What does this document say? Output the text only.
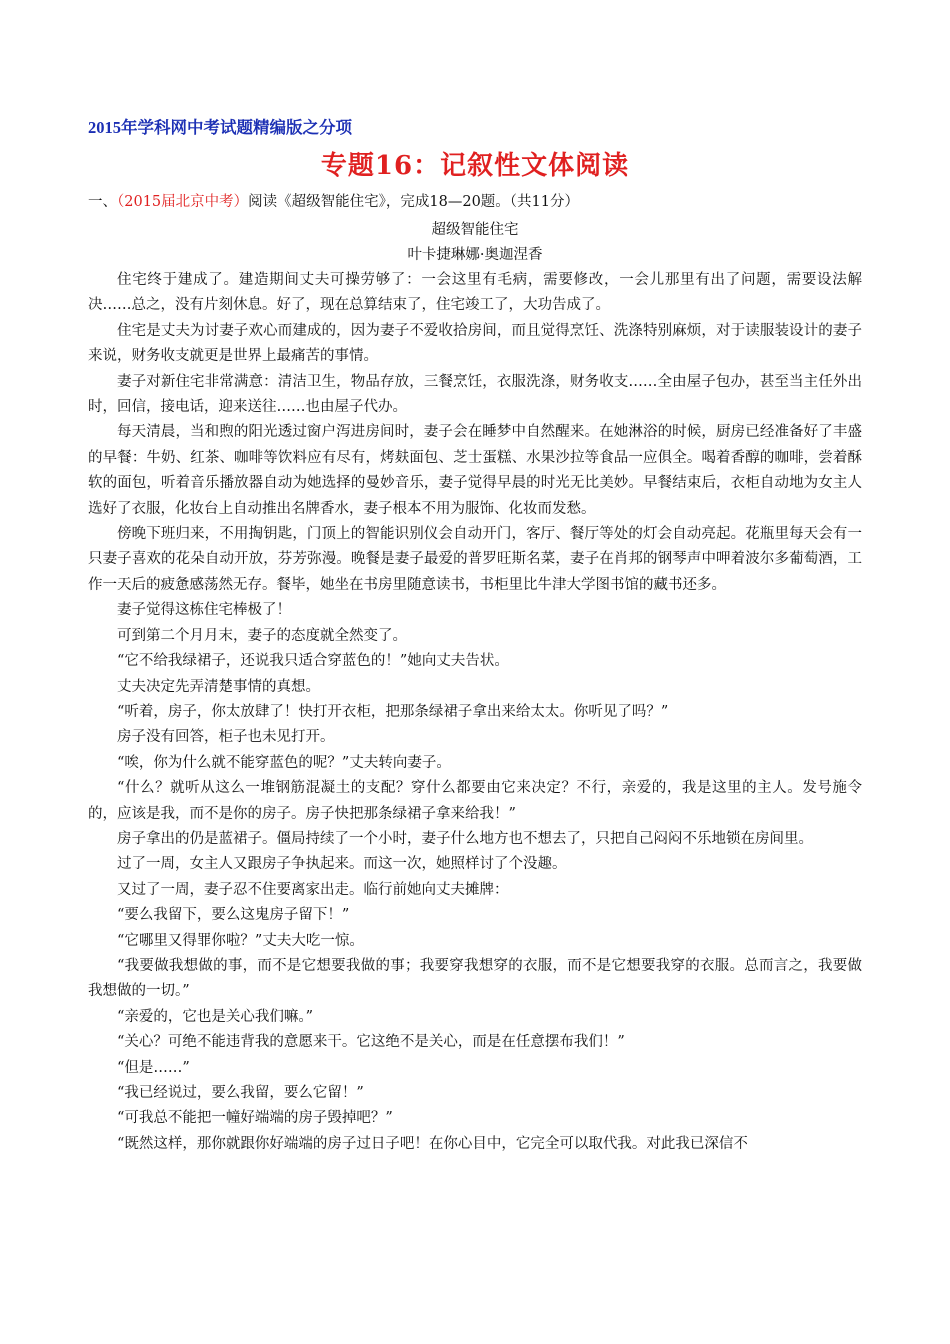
2015年学科网中考试题精编版之分项
专题16：记叙性文体阅读
一、（2015届北京中考）阅读《超级智能住宅》，完成18—20题。（共11分）
超级智能住宅
叶卡捷琳娜·奥迦涅香

住宅终于建成了。建造期间丈夫可操劳够了：一会这里有毛病，需要修改，一会儿那里有出了问题，需要设法解决……总之，没有片刻休息。好了，现在总算结束了，住宅竣工了，大功告成了。

住宅是丈夫为讨妻子欢心而建成的，因为妻子不爱收拾房间，而且觉得烹饪、洗涤特别麻烦，对于读服装设计的妻子来说，财务收支就更是世界上最痛苦的事情。

妻子对新住宅非常满意：清洁卫生，物品存放，三餐烹饪，衣服洗涤，财务收支……全由屋子包办，甚至当主任外出时，回信，接电话，迎来送往……也由屋子代办。

每天清晨，当和煦的阳光透过窗户泻进房间时，妻子会在睡梦中自然醒来。在她淋浴的时候，厨房已经准备好了丰盛的早餐：牛奶、红茶、咖啡等饮料应有尽有，烤麸面包、芝士蛋糕、水果沙拉等食品一应俱全。喝着香醇的咖啡，尝着酥软的面包，听着音乐播放器自动为她选择的曼妙音乐，妻子觉得早晨的时光无比美妙。早餐结束后，衣柜自动地为女主人选好了衣服，化妆台上自动推出名牌香水，妻子根本不用为服饰、化妆而发愁。

傍晚下班归来，不用掏钥匙，门顶上的智能识别仪会自动开门，客厅、餐厅等处的灯会自动亮起。花瓶里每天会有一只妻子喜欢的花朵自动开放，芬芳弥漫。晚餐是妻子最爱的普罗旺斯名菜，妻子在肖邦的钢琴声中呷着波尔多葡萄酒，工作一天后的疲惫感荡然无存。餐毕，她坐在书房里随意读书，书柜里比牛津大学图书馆的藏书还多。

妻子觉得这栋住宅棒极了！

可到第二个月月末，妻子的态度就全然变了。

“它不给我绿裙子，还说我只适合穿蓝色的！”她向丈夫告状。

丈夫决定先弄清楚事情的真想。

“听着，房子，你太放肆了！快打开衣柜，把那条绿裙子拿出来给太太。你听见了吗？”

房子没有回答，柜子也未见打开。

“唉，你为什么就不能穿蓝色的呢？”丈夫转向妻子。

“什么？就听从这么一堆钢筋混凝土的支配？穿什么都要由它来决定？不行，亲爱的，我是这里的主人。发号施令的，应该是我，而不是你的房子。房子快把那条绿裙子拿来给我！”

房子拿出的仍是蓝裙子。僵局持续了一个小时，妻子什么地方也不想去了，只把自己闷闷不乐地锁在房间里。

过了一周，女主人又跟房子争执起来。而这一次，她照样讨了个没趣。

又过了一周，妻子忍不住要离家出走。临行前她向丈夫摊牌：

“要么我留下，要么这鬼房子留下！”

“它哪里又得罪你啦？”丈夫大吃一惊。

“我要做我想做的事，而不是它想要我做的事；我要穿我想穿的衣服，而不是它想要我穿的衣服。总而言之，我要做我想做的一切。”

“亲爱的，它也是关心我们嘛。”

“关心？可绝不能违背我的意愿来干。它这绝不是关心，而是在任意摆布我们！”

“但是……”

“我已经说过，要么我留，要么它留！”

“可我总不能把一幢好端端的房子毁掉吧？”

“既然这样，那你就跟你好端端的房子过日子吧！在你心目中，它完全可以取代我。对此我已深信不
